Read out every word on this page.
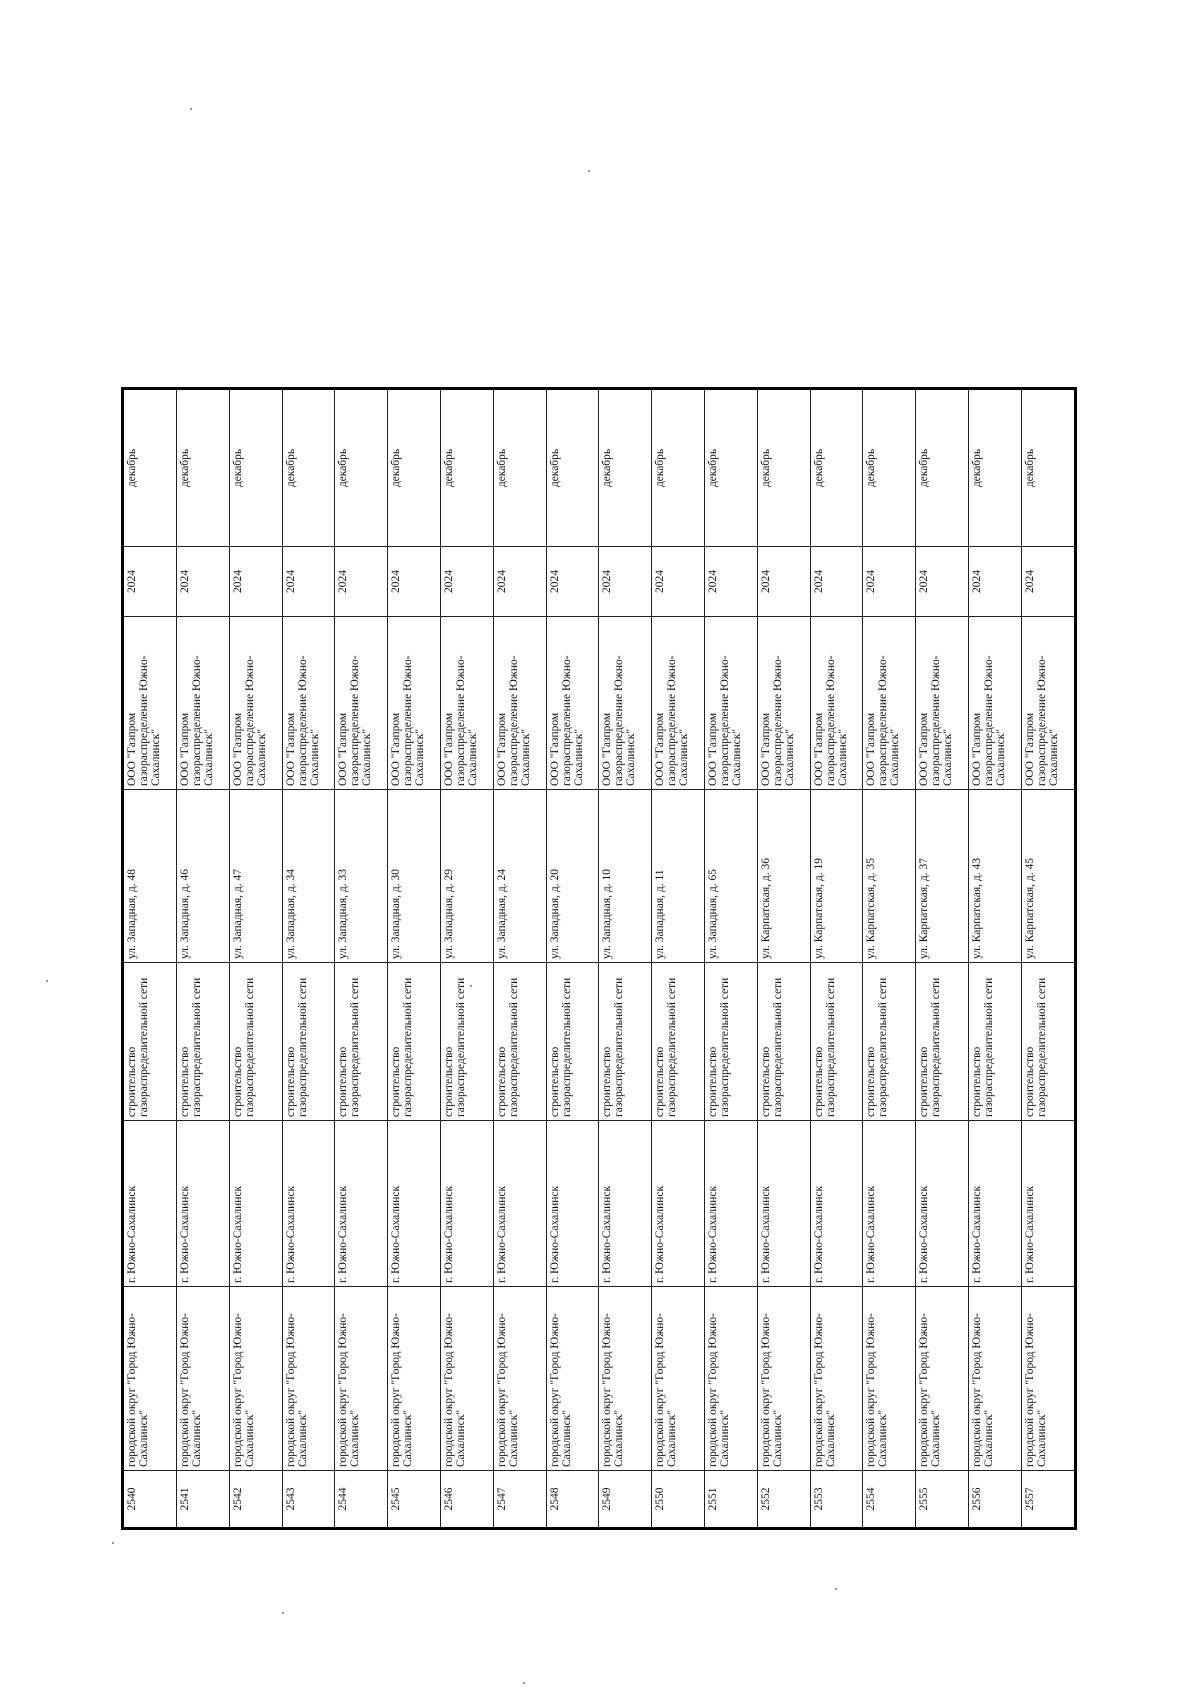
2540	городской округ "Город Южно-Сахалинск"	г. Южно-Сахалинск	строительство газораспределительной сети	ул. Западная, д. 48	ООО "Газпром газораспределение Южно-Сахалинск"	2024	декабрь
2541	городской округ "Город Южно-Сахалинск"	г. Южно-Сахалинск	строительство газораспределительной сети	ул. Западная, д. 46	ООО "Газпром газораспределение Южно-Сахалинск"	2024	декабрь
2542	городской округ "Город Южно-Сахалинск"	г. Южно-Сахалинск	строительство газораспределительной сети	ул. Западная, д. 47	ООО "Газпром газораспределение Южно-Сахалинск"	2024	декабрь
2543	городской округ "Город Южно-Сахалинск"	г. Южно-Сахалинск	строительство газораспределительной сети	ул. Западная, д. 34	ООО "Газпром газораспределение Южно-Сахалинск"	2024	декабрь
2544	городской округ "Город Южно-Сахалинск"	г. Южно-Сахалинск	строительство газораспределительной сети	ул. Западная, д. 33	ООО "Газпром газораспределение Южно-Сахалинск"	2024	декабрь
2545	городской округ "Город Южно-Сахалинск"	г. Южно-Сахалинск	строительство газораспределительной сети	ул. Западная, д. 30	ООО "Газпром газораспределение Южно-Сахалинск"	2024	декабрь
2546	городской округ "Город Южно-Сахалинск"	г. Южно-Сахалинск	строительство газораспределительной сети	ул. Западная, д. 29	ООО "Газпром газораспределение Южно-Сахалинск"	2024	декабрь
2547	городской округ "Город Южно-Сахалинск"	г. Южно-Сахалинск	строительство газораспределительной сети	ул. Западная, д. 24	ООО "Газпром газораспределение Южно-Сахалинск"	2024	декабрь
2548	городской округ "Город Южно-Сахалинск"	г. Южно-Сахалинск	строительство газораспределительной сети	ул. Западная, д. 20	ООО "Газпром газораспределение Южно-Сахалинск"	2024	декабрь
2549	городской округ "Город Южно-Сахалинск"	г. Южно-Сахалинск	строительство газораспределительной сети	ул. Западная, д. 10	ООО "Газпром газораспределение Южно-Сахалинск"	2024	декабрь
2550	городской округ "Город Южно-Сахалинск"	г. Южно-Сахалинск	строительство газораспределительной сети	ул. Западная, д. 11	ООО "Газпром газораспределение Южно-Сахалинск"	2024	декабрь
2551	городской округ "Город Южно-Сахалинск"	г. Южно-Сахалинск	строительство газораспределительной сети	ул. Западная, д. 65	ООО "Газпром газораспределение Южно-Сахалинск"	2024	декабрь
2552	городской округ "Город Южно-Сахалинск"	г. Южно-Сахалинск	строительство газораспределительной сети	ул. Карпатская, д. 36	ООО "Газпром газораспределение Южно-Сахалинск"	2024	декабрь
2553	городской округ "Город Южно-Сахалинск"	г. Южно-Сахалинск	строительство газораспределительной сети	ул. Карпатская, д. 19	ООО "Газпром газораспределение Южно-Сахалинск"	2024	декабрь
2554	городской округ "Город Южно-Сахалинск"	г. Южно-Сахалинск	строительство газораспределительной сети	ул. Карпатская, д. 35	ООО "Газпром газораспределение Южно-Сахалинск"	2024	декабрь
2555	городской округ "Город Южно-Сахалинск"	г. Южно-Сахалинск	строительство газораспределительной сети	ул. Карпатская, д. 37	ООО "Газпром газораспределение Южно-Сахалинск"	2024	декабрь
2556	городской округ "Город Южно-Сахалинск"	г. Южно-Сахалинск	строительство газораспределительной сети	ул. Карпатская, д. 43	ООО "Газпром газораспределение Южно-Сахалинск"	2024	декабрь
2557	городской округ "Город Южно-Сахалинск"	г. Южно-Сахалинск	строительство газораспределительной сети	ул. Карпатская, д. 45	ООО "Газпром газораспределение Южно-Сахалинск"	2024	декабрь
